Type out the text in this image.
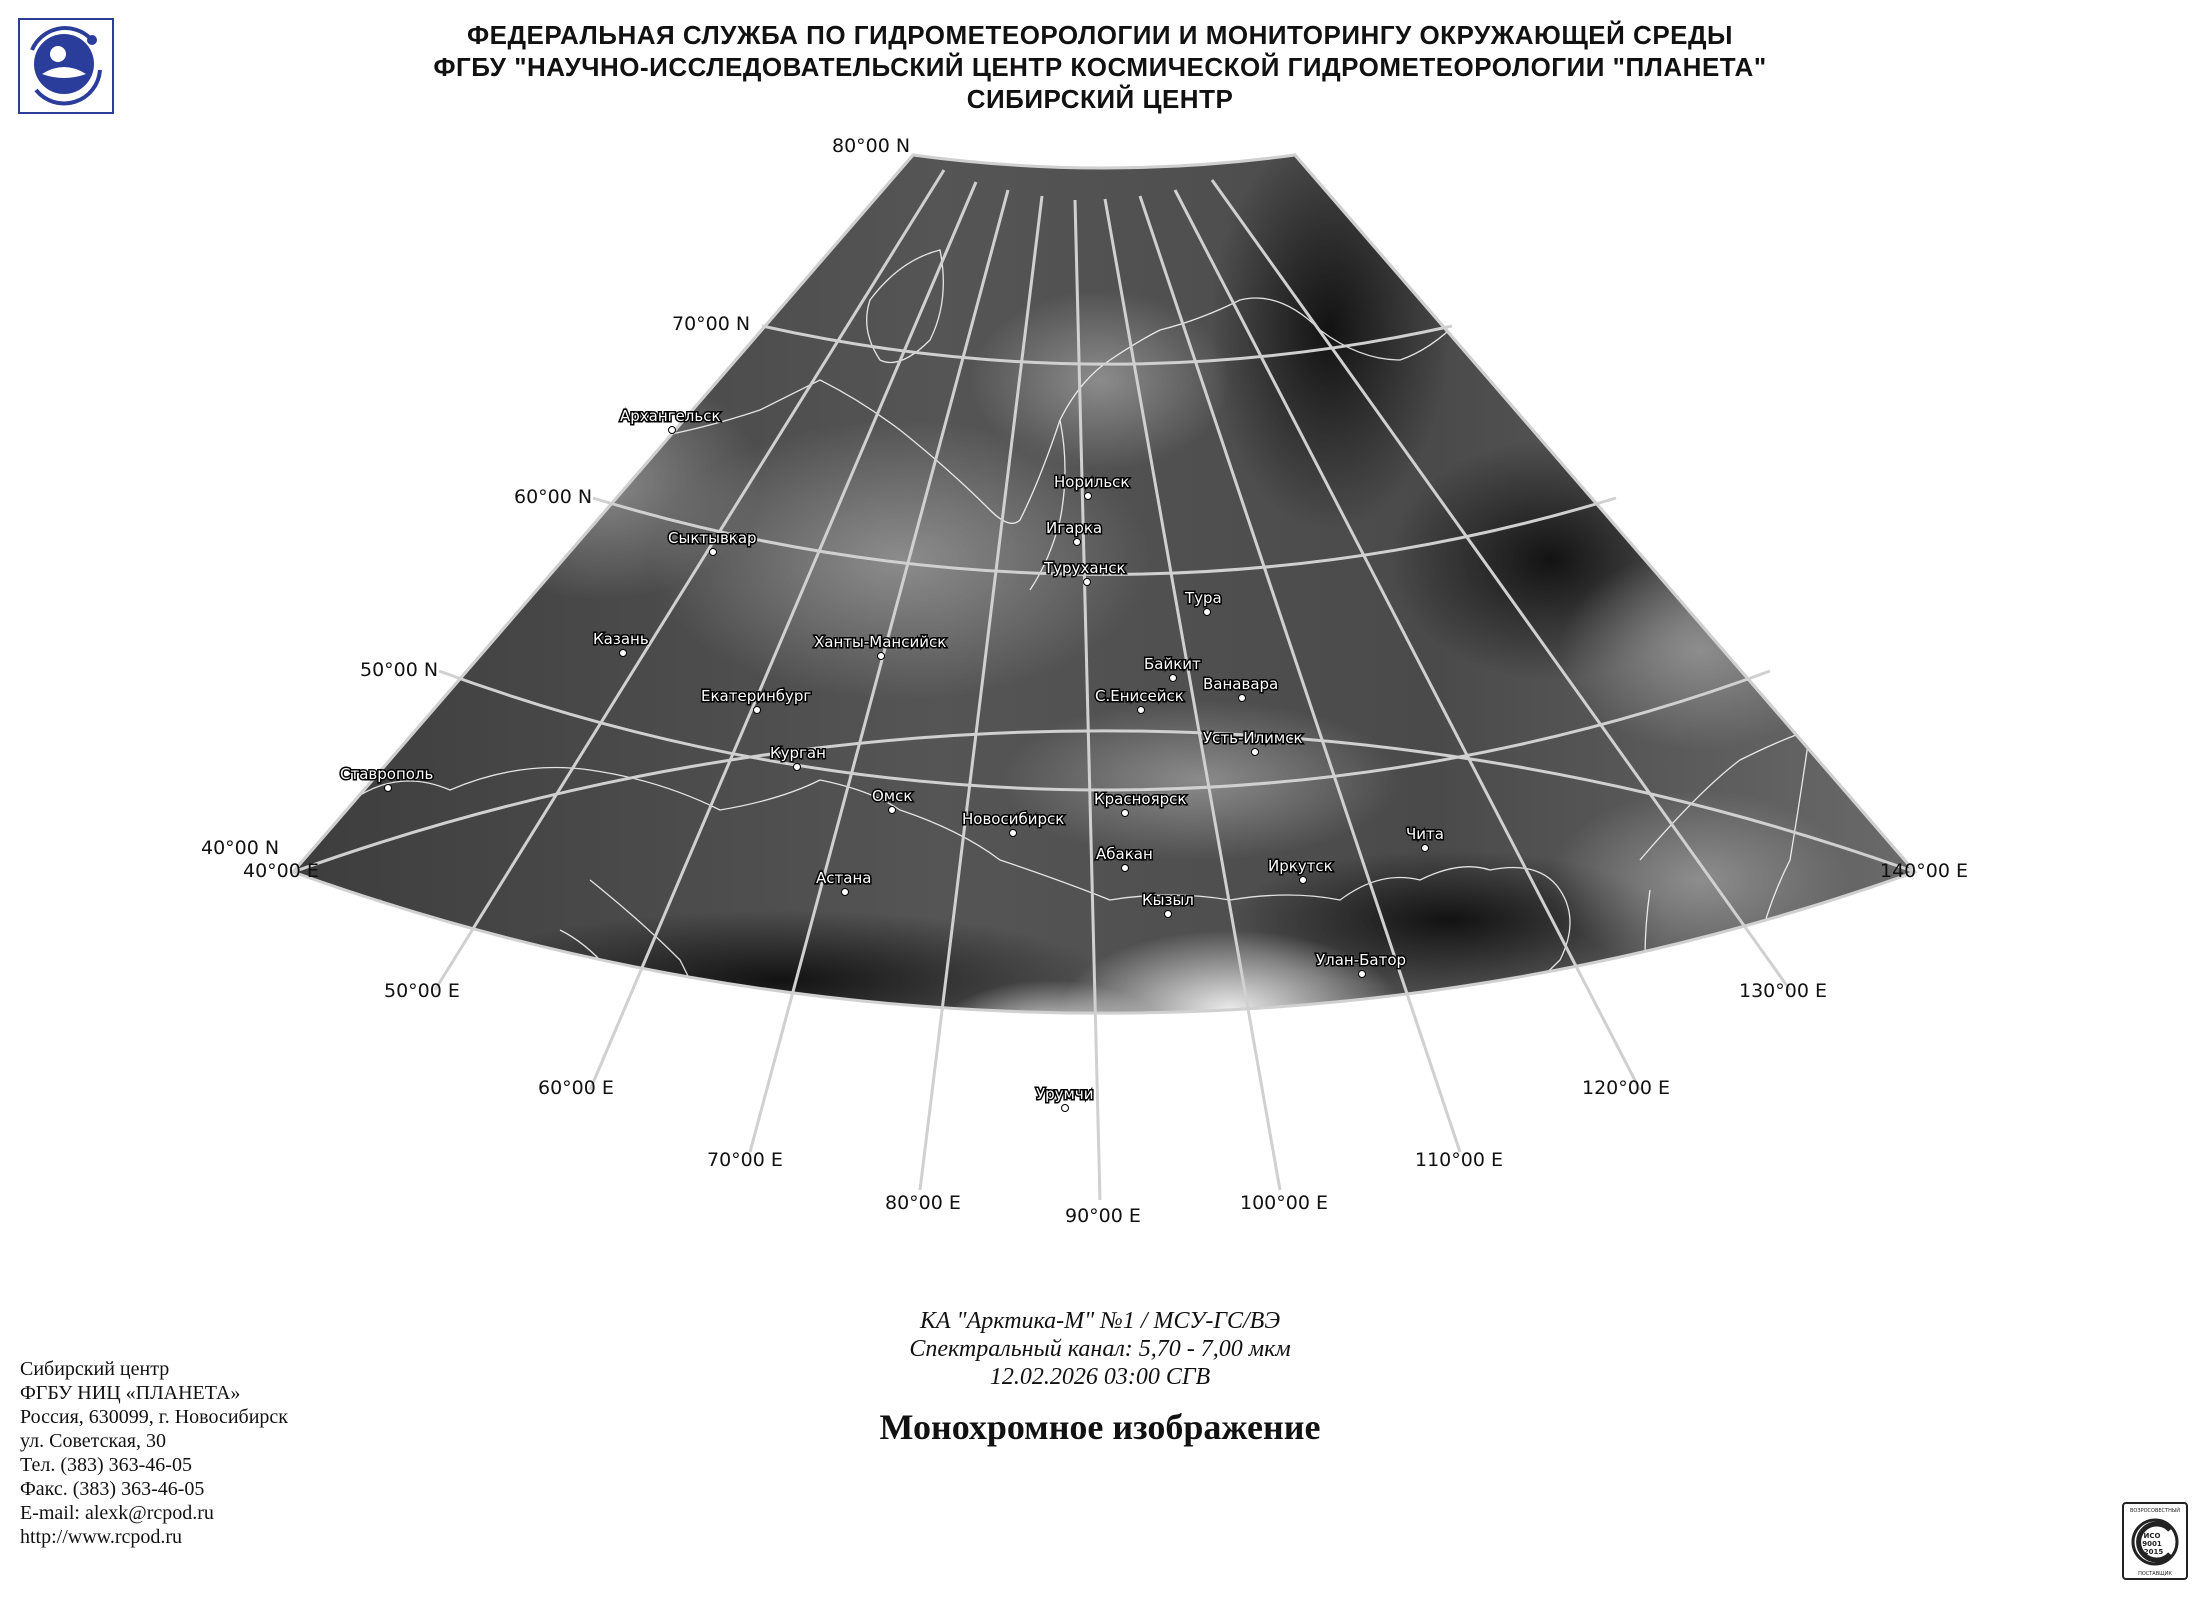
ФЕДЕРАЛЬНАЯ СЛУЖБА ПО ГИДРОМЕТЕОРОЛОГИИ И МОНИТОРИНГУ ОКРУЖАЮЩЕЙ СРЕДЫ
ФГБУ "НАУЧНО-ИССЛЕДОВАТЕЛЬСКИЙ ЦЕНТР КОСМИЧЕСКОЙ ГИДРОМЕТЕОРОЛОГИИ "ПЛАНЕТА"
СИБИРСКИЙ ЦЕНТР
80°00 N
70°00 N
60°00 N
50°00 N
40°00 N
40°00 E
50°00 E
60°00 E
70°00 E
80°00 E
90°00 E
100°00 E
110°00 E
120°00 E
130°00 E
140°00 E
Архангельск
Сыктывкар
Казань
Ставрополь
Екатеринбург
Ханты-Мансийск
Курган
Омск
Астана
Новосибирск
Норильск
Игарка
Туруханск
Тура
Байкит
Ванавара
С.Енисейск
Усть-Илимск
Красноярск
Абакан
Кызыл
Иркутск
Чита
Улан-Батор
Урумчи
КА "Арктика-М" №1 / МСУ-ГС/ВЭ
Спектральный канал: 5,70 - 7,00 мкм
12.02.2026 03:00 СГВ
Монохромное изображение
Сибирский центр
ФГБУ НИЦ «ПЛАНЕТА»
Россия, 630099, г. Новосибирск
ул. Советская, 30
Тел. (383) 363-46-05
Факс. (383) 363-46-05
E-mail: alexk@rcpod.ru
http://www.rcpod.ru
ВОЗРОСОВЕСТНЫЙ
ИСО
9001
-2015
ПОСТАВЩИК
